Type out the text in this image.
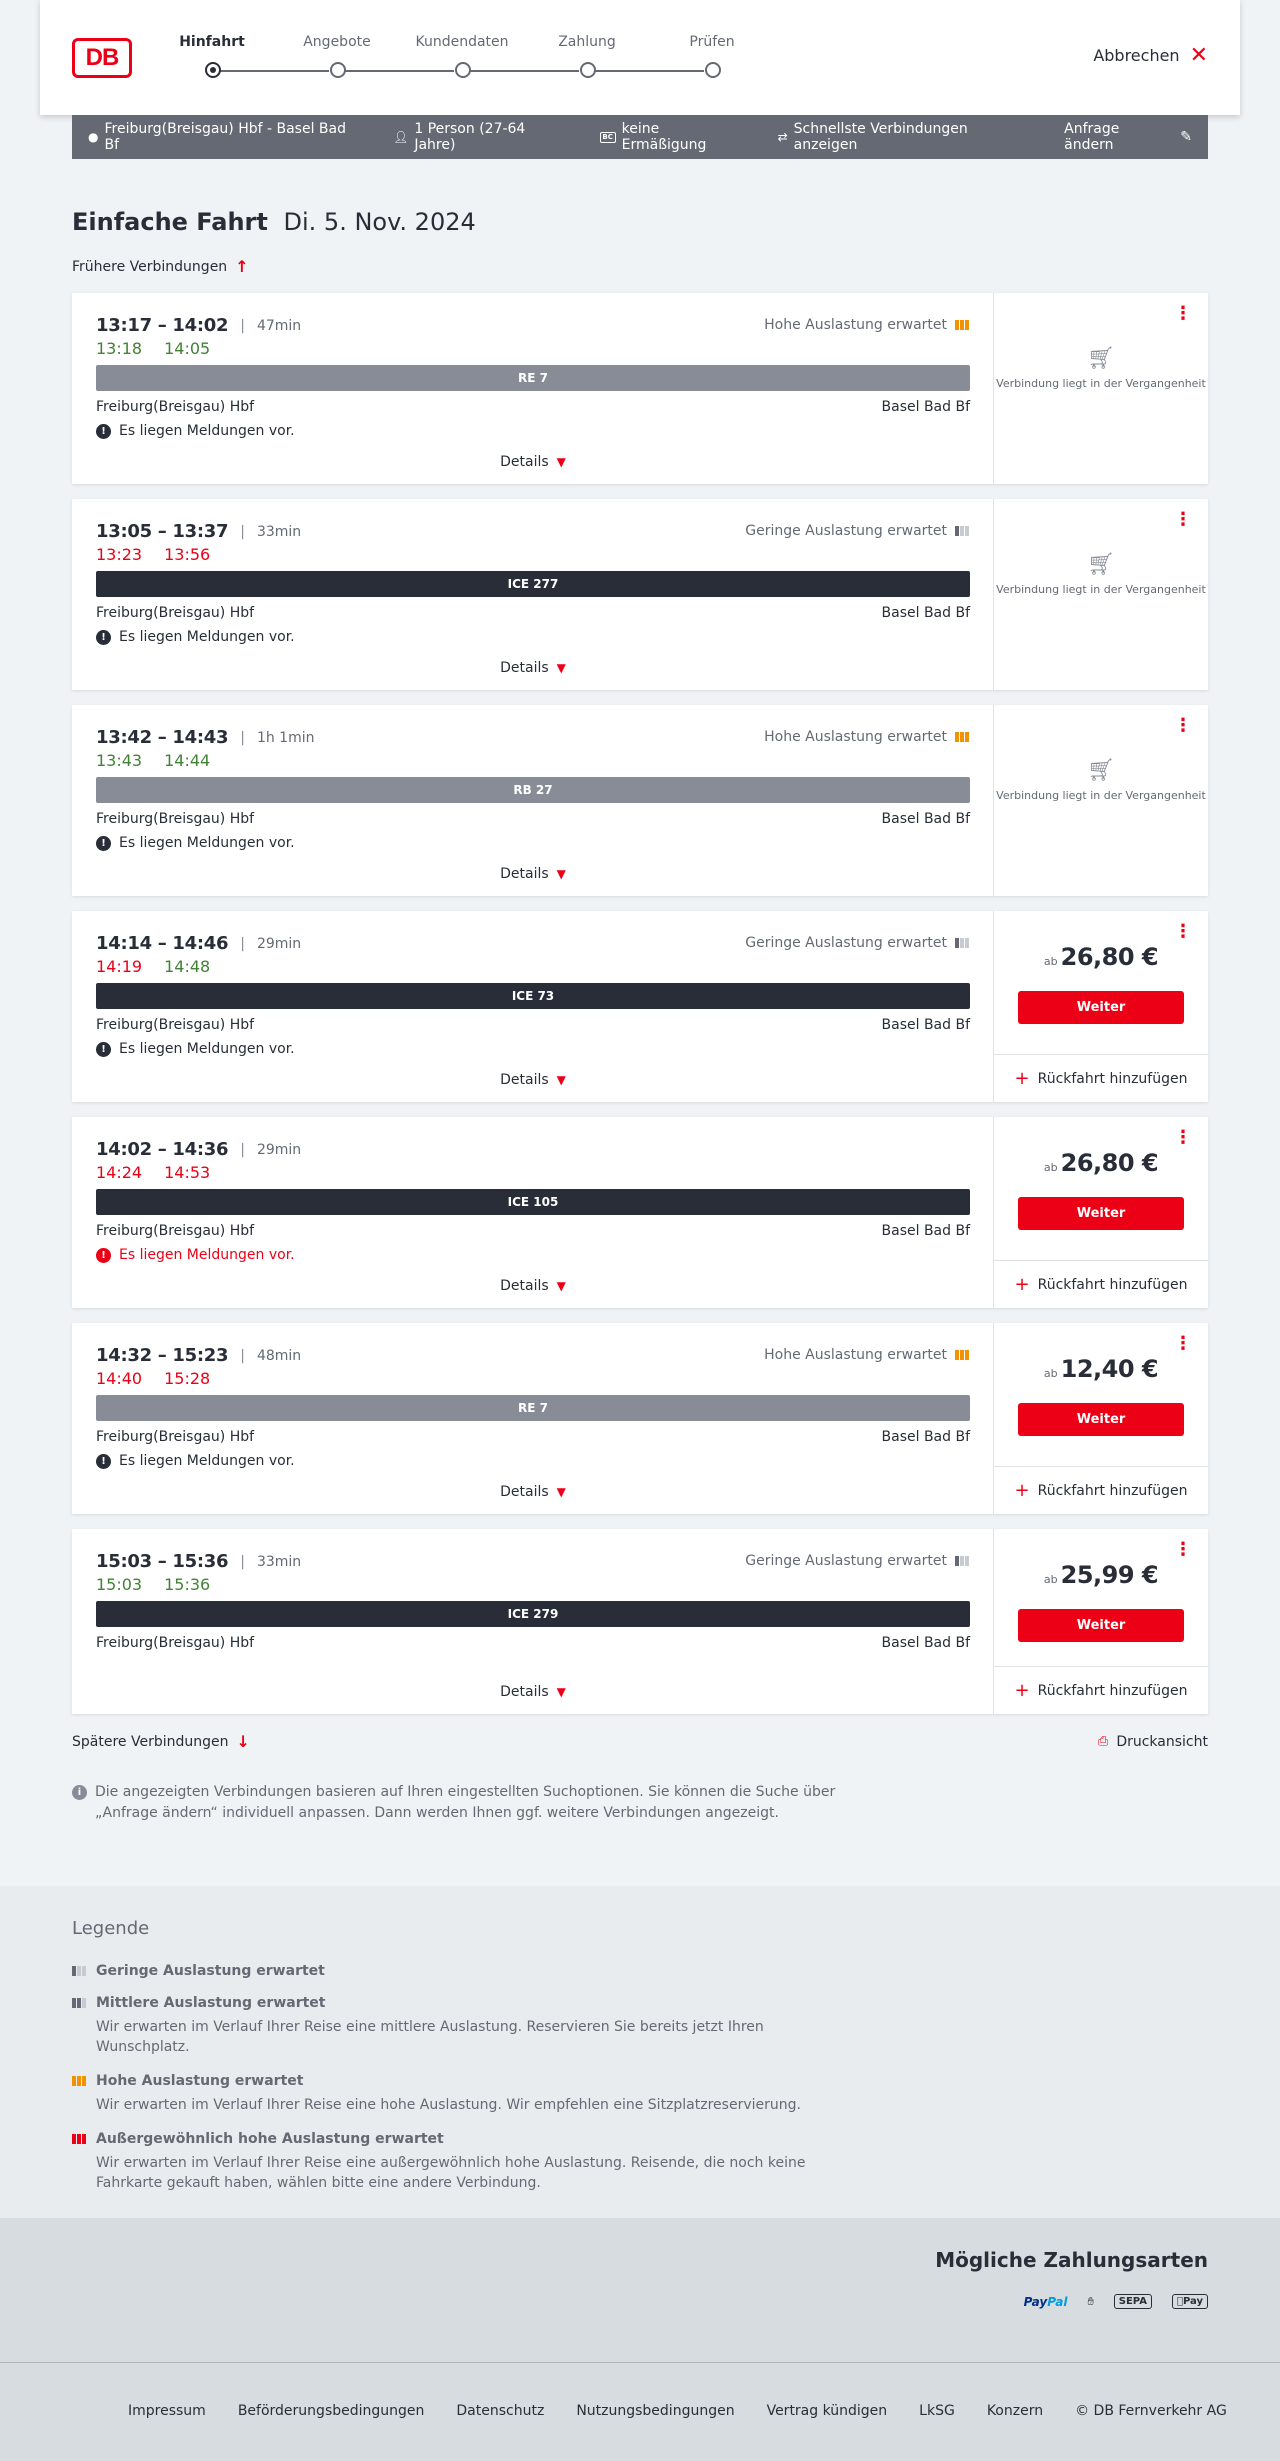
DB
Hinfahrt	Angebote	Kundendaten	Zahlung	Prüfen
Abbrechen ✕
● Freiburg(Breisgau) Hbf - Basel Bad Bf	👤︎ 1 Person (27-64 Jahre)
BC keine Ermäßigung	⇄ Schnellste Verbindungen anzeigen
Anfrage ändern	✎
Einfache Fahrt Di. 5. Nov. 2024
Frühere Verbindungen ↑
13:17 – 14:02 | 47min
13:18 14:05
Hohe Auslastung erwartet
RE 7
Freiburg(Breisgau) Hbf	Basel Bad Bf
! Es liegen Meldungen vor.
Details ▼
⋮
🛒︎
Verbindung liegt in der Vergangenheit
13:05 – 13:37 | 33min
13:23 13:56
Geringe Auslastung erwartet
ICE 277
Freiburg(Breisgau) Hbf	Basel Bad Bf
! Es liegen Meldungen vor.
Details ▼
⋮
🛒︎
Verbindung liegt in der Vergangenheit
13:42 – 14:43 | 1h 1min
13:43 14:44
Hohe Auslastung erwartet
RB 27
Freiburg(Breisgau) Hbf	Basel Bad Bf
! Es liegen Meldungen vor.
Details ▼
⋮
🛒︎
Verbindung liegt in der Vergangenheit
14:14 – 14:46 | 29min
14:19 14:48
Geringe Auslastung erwartet
ICE 73
Freiburg(Breisgau) Hbf	Basel Bad Bf
! Es liegen Meldungen vor.
Details ▼
⋮
ab 26,80 €
Weiter
+ Rückfahrt hinzufügen
14:02 – 14:36 | 29min
14:24 14:53
ICE 105
Freiburg(Breisgau) Hbf	Basel Bad Bf
! Es liegen Meldungen vor.
Details ▼
⋮
ab 26,80 €
Weiter
+ Rückfahrt hinzufügen
14:32 – 15:23 | 48min
14:40 15:28
Hohe Auslastung erwartet
RE 7
Freiburg(Breisgau) Hbf	Basel Bad Bf
! Es liegen Meldungen vor.
Details ▼
⋮
ab 12,40 €
Weiter
+ Rückfahrt hinzufügen
15:03 – 15:36 | 33min
15:03 15:36
Geringe Auslastung erwartet
ICE 279
Freiburg(Breisgau) Hbf	Basel Bad Bf
Details ▼
⋮
ab 25,99 €
Weiter
+ Rückfahrt hinzufügen
Spätere Verbindungen ↓	⎙ Druckansicht
i Die angezeigten Verbindungen basieren auf Ihren eingestellten Suchoptionen. Sie können die Suche über „Anfrage ändern“ individuell anpassen. Dann werden Ihnen ggf. weitere Verbindungen angezeigt.
Legende
Geringe Auslastung erwartet
Mittlere Auslastung erwartet
Wir erwarten im Verlauf Ihrer Reise eine mittlere Auslastung. Reservieren Sie bereits jetzt Ihren Wunschplatz.
Hohe Auslastung erwartet
Wir erwarten im Verlauf Ihrer Reise eine hohe Auslastung. Wir empfehlen eine Sitzplatzreservierung.
Außergewöhnlich hohe Auslastung erwartet
Wir erwarten im Verlauf Ihrer Reise eine außergewöhnlich hohe Auslastung. Reisende, die noch keine Fahrkarte gekauft haben, wählen bitte eine andere Verbindung.
Mögliche Zahlungsarten
PayPal	✋︎	SEPA	Pay
Impressum Beförderungsbedingungen Datenschutz Nutzungsbedingungen Vertrag kündigen LkSG Konzern © DB Fernverkehr AG
